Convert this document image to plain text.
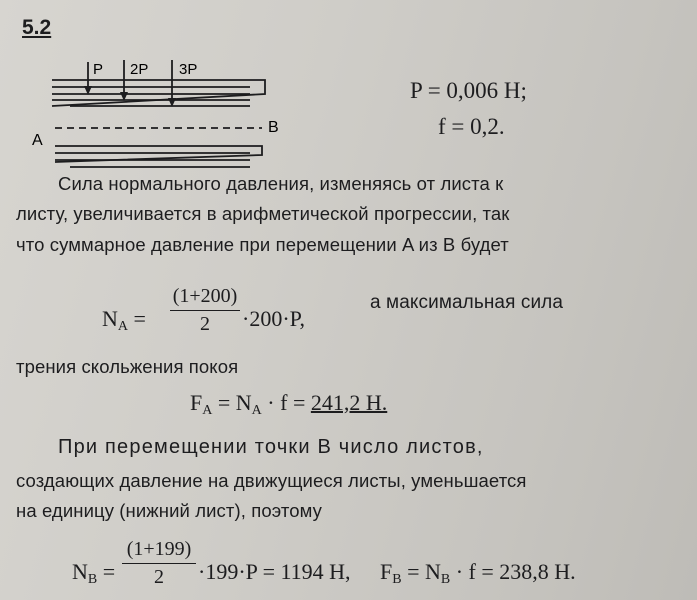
5.2
P 2P 3P
A
B
P = 0,006 Н;
f = 0,2.
Сила нормального давления, изменяясь от листа к
листу, увеличивается в арифметической прогрессии, так
что суммарное давление при перемещении A из B будет
$N_A = \frac{(1+200)}{2} \cdot 200\cdot P$,
а максимальная сила
трения скольжения покоя
$F_A = N_A \cdot f = 241,2$ Н.
При перемещении точки B число листов,
создающих давление на движущиеся листы, уменьшается
на единицу (нижний лист), поэтому
$N_B = \frac{(1+199)}{2} \cdot 199\cdot P = 1194$ Н, $F_B = N_B \cdot f = 238,8$ Н.
